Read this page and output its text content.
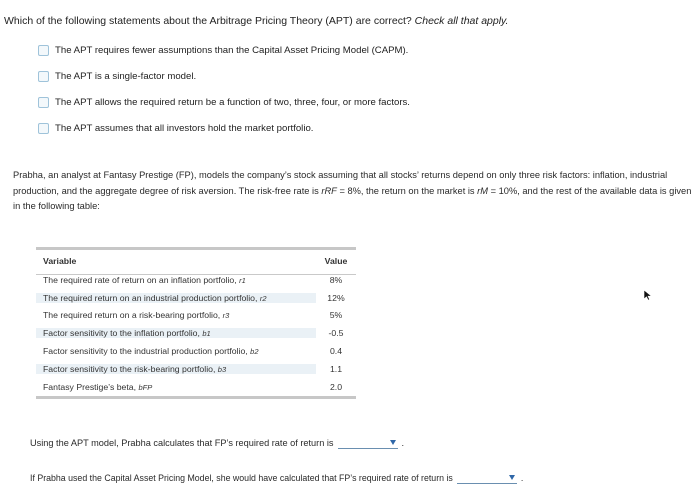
Which of the following statements about the Arbitrage Pricing Theory (APT) are correct? Check all that apply.
The APT requires fewer assumptions than the Capital Asset Pricing Model (CAPM).
The APT is a single-factor model.
The APT allows the required return be a function of two, three, four, or more factors.
The APT assumes that all investors hold the market portfolio.
Prabha, an analyst at Fantasy Prestige (FP), models the company’s stock assuming that all stocks’ returns depend on only three risk factors: inflation, industrial production, and the aggregate degree of risk aversion. The risk-free rate is rRF = 8%, the return on the market is rM = 10%, and the rest of the available data is given in the following table:
Variable	Value
The required rate of return on an inflation portfolio, r1	8%
The required return on an industrial production portfolio, r2	12%
The required return on a risk-bearing portfolio, r3	5%
Factor sensitivity to the inflation portfolio, b1	-0.5
Factor sensitivity to the industrial production portfolio, b2	0.4
Factor sensitivity to the risk-bearing portfolio, b3	1.1
Fantasy Prestige’s beta, bFP	2.0
Using the APT model, Prabha calculates that FP’s required rate of return is	.
If Prabha used the Capital Asset Pricing Model, she would have calculated that FP’s required rate of return is	.
